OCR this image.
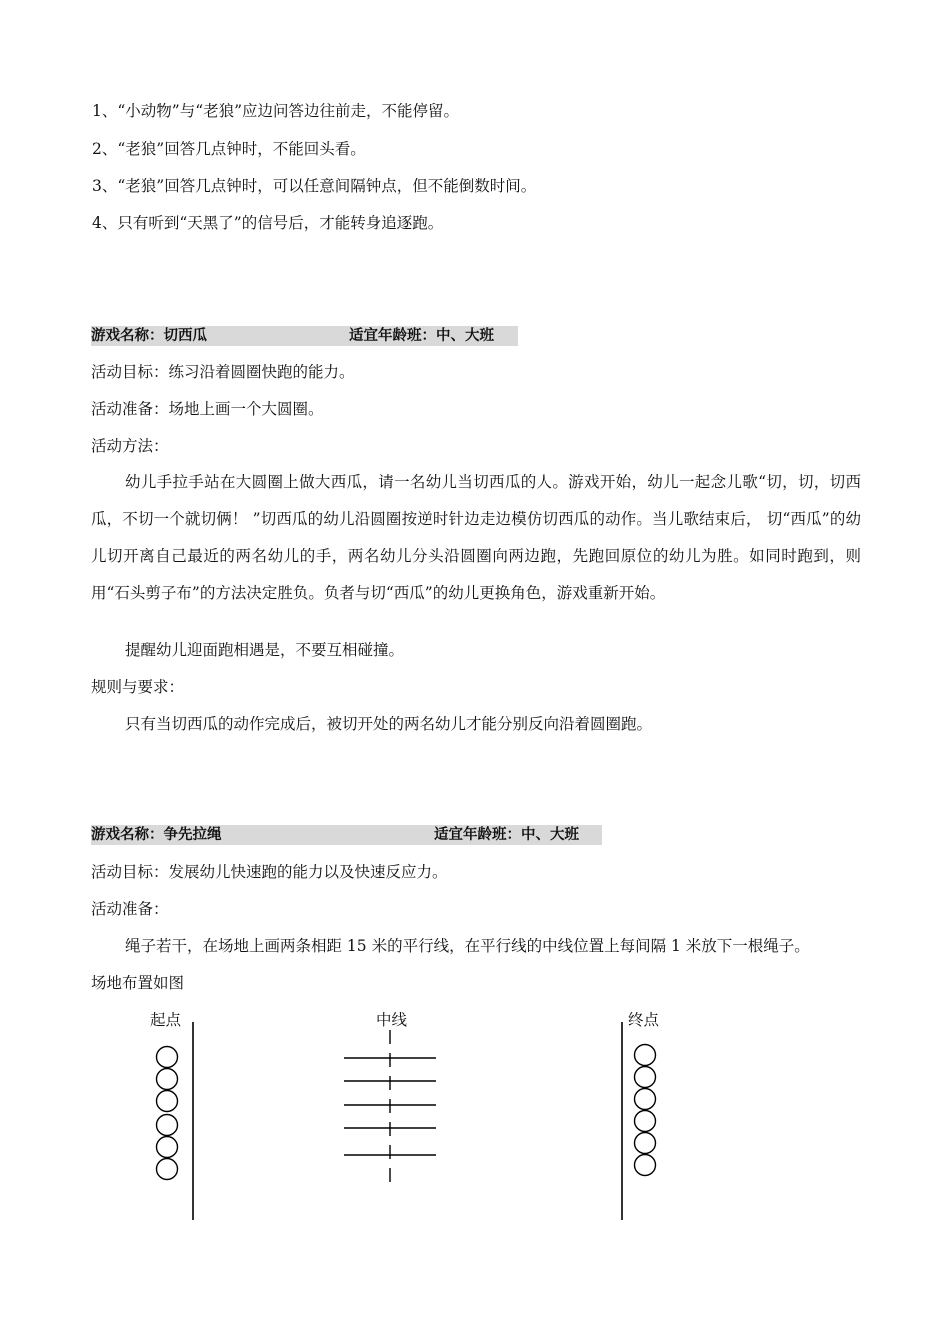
1、“小动物”与“老狼”应边问答边往前走，不能停留。
2、“老狼”回答几点钟时，不能回头看。
3、“老狼”回答几点钟时，可以任意间隔钟点，但不能倒数时间。
4、只有听到“天黑了”的信号后，才能转身追逐跑。
游戏名称：切西瓜	适宜年龄班：中、大班
活动目标：练习沿着圆圈快跑的能力。
活动准备：场地上画一个大圆圈。
活动方法：
幼儿手拉手站在大圆圈上做大西瓜，请一名幼儿当切西瓜的人。游戏开始，幼儿一起念儿歌“切，切，切西瓜，不切一个就切俩！ ”切西瓜的幼儿沿圆圈按逆时针边走边模仿切西瓜的动作。当儿歌结束后， 切“西瓜”的幼儿切开离自己最近的两名幼儿的手，两名幼儿分头沿圆圈向两边跑，先跑回原位的幼儿为胜。如同时跑到，则用“石头剪子布”的方法决定胜负。负者与切“西瓜”的幼儿更换角色，游戏重新开始。
提醒幼儿迎面跑相遇是，不要互相碰撞。
规则与要求：
只有当切西瓜的动作完成后，被切开处的两名幼儿才能分别反向沿着圆圈跑。
游戏名称：争先拉绳	适宜年龄班：中、大班
活动目标：发展幼儿快速跑的能力以及快速反应力。
活动准备：
绳子若干，在场地上画两条相距 15 米的平行线，在平行线的中线位置上每间隔 1 米放下一根绳子。
场地布置如图
起点	中线	终点
